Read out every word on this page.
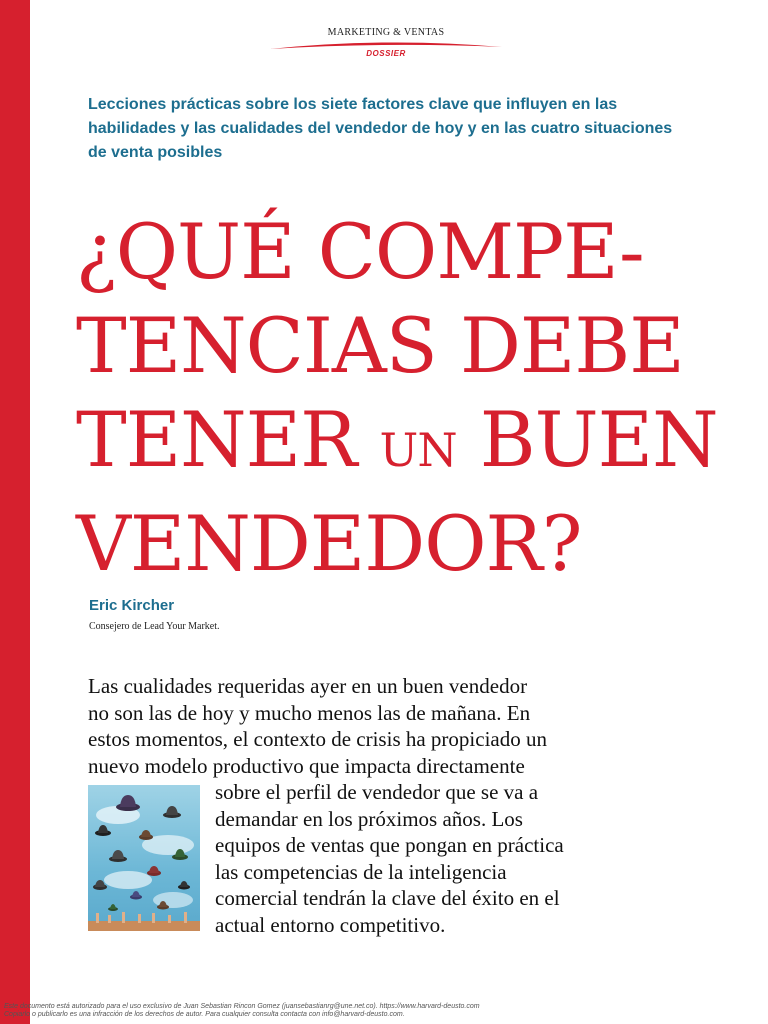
MARKETING & VENTAS
DOSSIER
Lecciones prácticas sobre los siete factores clave que influyen en las habilidades y las cualidades del vendedor de hoy y en las cuatro situaciones de venta posibles
¿QUÉ COMPE-
TENCIAS DEBE
TENER UN BUEN
VENDEDOR?
Eric Kircher
Consejero de Lead Your Market.
Las cualidades requeridas ayer en un buen vendedor
no son las de hoy y mucho menos las de mañana. En
estos momentos, el contexto de crisis ha propiciado un
nuevo modelo productivo que impacta directamente
sobre el perfil de vendedor que se va a
demandar en los próximos años. Los
equipos de ventas que pongan en práctica
las competencias de la inteligencia
comercial tendrán la clave del éxito en el
actual entorno competitivo.
Este documento está autorizado para el uso exclusivo de Juan Sebastian Rincon Gomez (juansebastianrg@une.net.co). https://www.harvard-deusto.com
Copiarlo o publicarlo es una infracción de los derechos de autor. Para cualquier consulta contacta con info@harvard-deusto.com.
